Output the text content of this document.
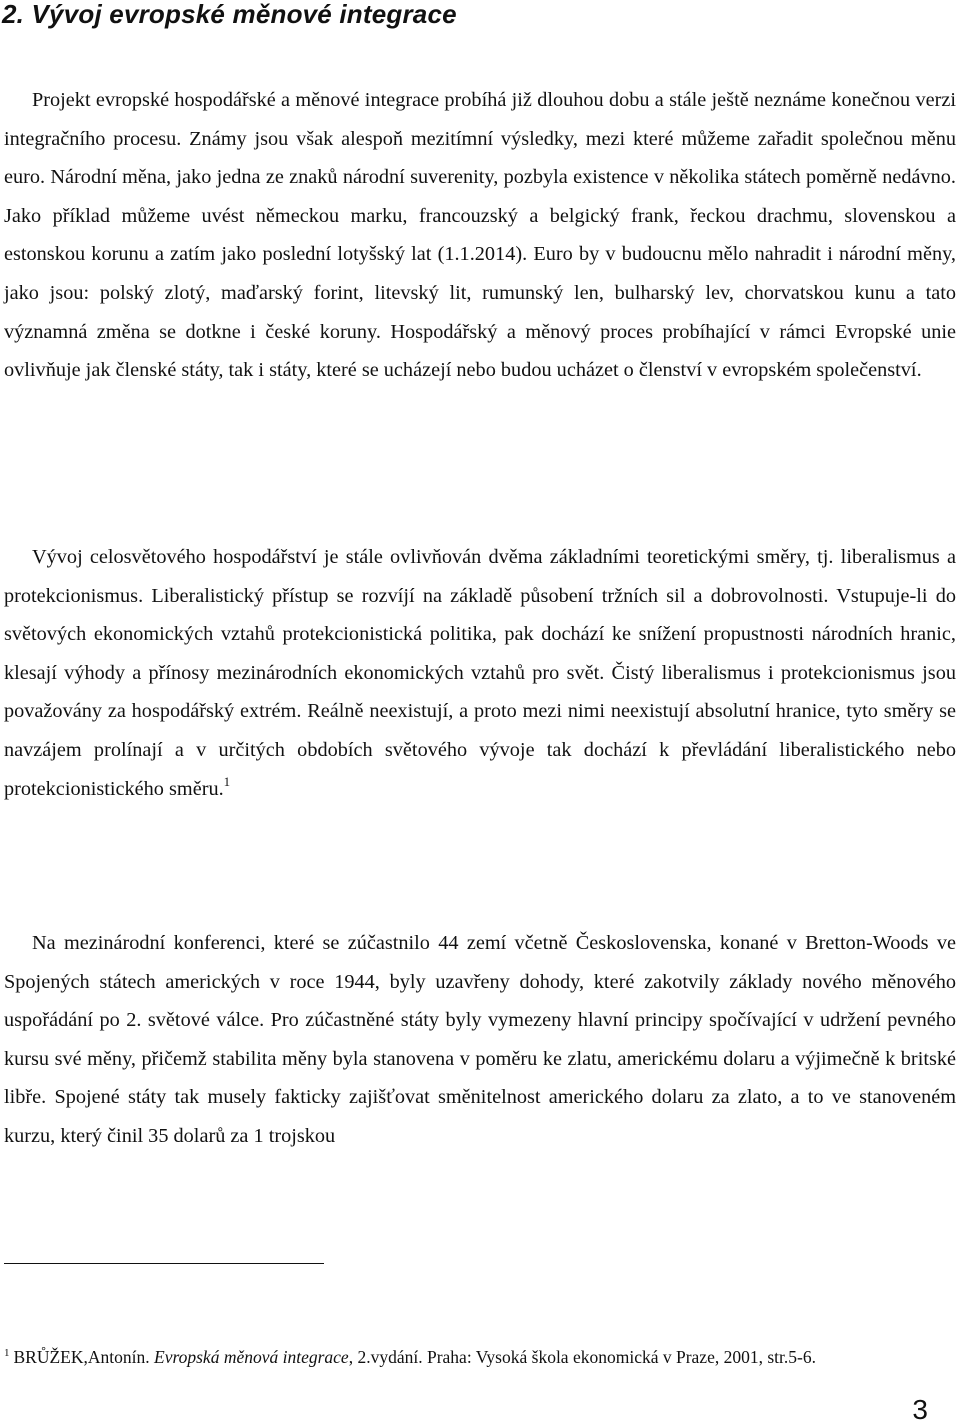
2. Vývoj evropské měnové integrace

Projekt evropské hospodářské a měnové integrace probíhá již dlouhou dobu a stále ještě neznáme konečnou verzi integračního procesu. Známy jsou však alespoň mezitímní výsledky, mezi které můžeme zařadit společnou měnu euro. Národní měna, jako jedna ze znaků národní suverenity, pozbyla existence v několika státech poměrně nedávno. Jako příklad můžeme uvést německou marku, francouzský a belgický frank, řeckou drachmu, slovenskou a estonskou korunu a zatím jako poslední lotyšský lat (1.1.2014). Euro by v budoucnu mělo nahradit i národní měny, jako jsou: polský zlotý, maďarský forint, litevský lit, rumunský len, bulharský lev, chorvatskou kunu a tato významná změna se dotkne i české koruny. Hospodářský a měnový proces probíhající v rámci Evropské unie ovlivňuje jak členské státy, tak i státy, které se ucházejí nebo budou ucházet o členství v evropském společenství.

Vývoj celosvětového hospodářství je stále ovlivňován dvěma základními teoretickými směry, tj. liberalismus a protekcionismus. Liberalistický přístup se rozvíjí na základě působení tržních sil a dobrovolnosti. Vstupuje-li do světových ekonomických vztahů protekcionistická politika, pak dochází ke snížení propustnosti národních hranic, klesají výhody a přínosy mezinárodních ekonomických vztahů pro svět. Čistý liberalismus i protekcionismus jsou považovány za hospodářský extrém. Reálně neexistují, a proto mezi nimi neexistují absolutní hranice, tyto směry se navzájem prolínají a v určitých obdobích světového vývoje tak dochází k převládání liberalistického nebo protekcionistického směru.$^1$

Na mezinárodní konferenci, které se zúčastnilo 44 zemí včetně Československa, konané v Bretton-Woods ve Spojených státech amerických v roce 1944, byly uzavřeny dohody, které zakotvily základy nového měnového uspořádání po 2. světové válce. Pro zúčastněné státy byly vymezeny hlavní principy spočívající v udržení pevného kursu své měny, přičemž stabilita měny byla stanovena v poměru ke zlatu, americkému dolaru a výjimečně k britské libře. Spojené státy tak musely fakticky zajišťovat směnitelnost amerického dolaru za zlato, a to ve stanoveném kurzu, který činil 35 dolarů za 1 trojskou

$^1$ BRŮŽEK,Antonín. Evropská měnová integrace, 2.vydání. Praha: Vysoká škola ekonomická v Praze, 2001, str.5-6.

3
